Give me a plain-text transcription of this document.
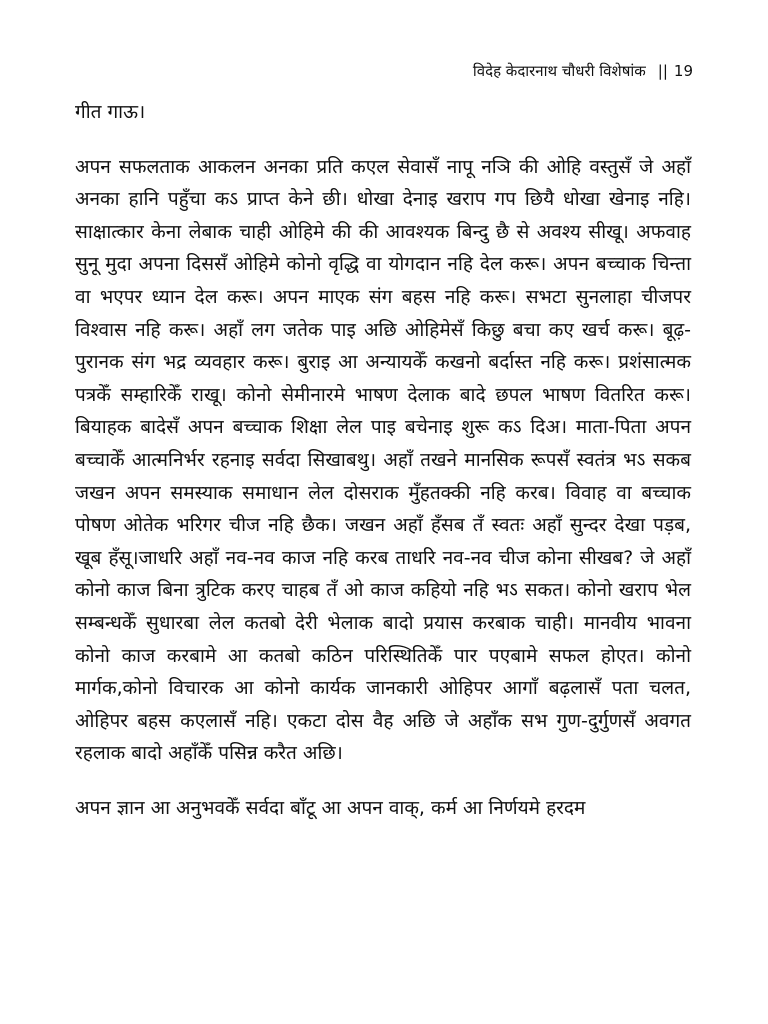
विदेह केदारनाथ चौधरी विशेषांक || 19

गीत गाऊ।

अपन सफलताक आकलन अनका प्रति कएल सेवासँ नापू नञि की ओहि वस्तुसँ जे अहाँ अनका हानि पहुँचा कऽ प्राप्त केने छी। धोखा देनाइ खराप गप छियै धोखा खेनाइ नहि। साक्षात्कार केना लेबाक चाही ओहिमे की की आवश्यक बिन्दु छै से अवश्य सीखू। अफवाह सुनू मुदा अपना दिससँ ओहिमे कोनो वृद्धि वा योगदान नहि देल करू। अपन बच्चाक चिन्ता वा भएपर ध्यान देल करू। अपन माएक संग बहस नहि करू। सभटा सुनलाहा चीजपर विश्वास नहि करू। अहाँ लग जतेक पाइ अछि ओहिमेसँ किछु बचा कए खर्च करू। बूढ़-पुरानक संग भद्र व्यवहार करू। बुराइ आ अन्यायकेँ कखनो बर्दास्त नहि करू। प्रशंसात्मक पत्रकेँ सम्हारिकेँ राखू। कोनो सेमीनारमे भाषण देलाक बादे छपल भाषण वितरित करू। बियाहक बादेसँ अपन बच्चाक शिक्षा लेल पाइ बचेनाइ शुरू कऽ दिअ। माता-पिता अपन बच्चाकेँ आत्मनिर्भर रहनाइ सर्वदा सिखाबथु। अहाँ तखने मानसिक रूपसँ स्वतंत्र भऽ सकब जखन अपन समस्याक समाधान लेल दोसराक मुँहतक्की नहि करब। विवाह वा बच्चाक पोषण ओतेक भरिगर चीज नहि छैक। जखन अहाँ हँसब तँ स्वतः अहाँ सुन्दर देखा पड़ब, खूब हँसू।जाधरि अहाँ नव-नव काज नहि करब ताधरि नव-नव चीज कोना सीखब? जे अहाँ कोनो काज बिना त्रुटिक करए चाहब तँ ओ काज कहियो नहि भऽ सकत। कोनो खराप भेल सम्बन्धकेँ सुधारबा लेल कतबो देरी भेलाक बादो प्रयास करबाक चाही। मानवीय भावना कोनो काज करबामे आ कतबो कठिन परिस्थितिकेँ पार पएबामे सफल होएत। कोनो मार्गक,कोनो विचारक आ कोनो कार्यक जानकारी ओहिपर आगाँ बढ़लासँ पता चलत, ओहिपर बहस कएलासँ नहि। एकटा दोस वैह अछि जे अहाँक सभ गुण-दुर्गुणसँ अवगत रहलाक बादो अहाँकेँ पसिन्न करैत अछि।

अपन ज्ञान आ अनुभवकेँ सर्वदा बाँटू आ अपन वाक्, कर्म आ निर्णयमे हरदम
